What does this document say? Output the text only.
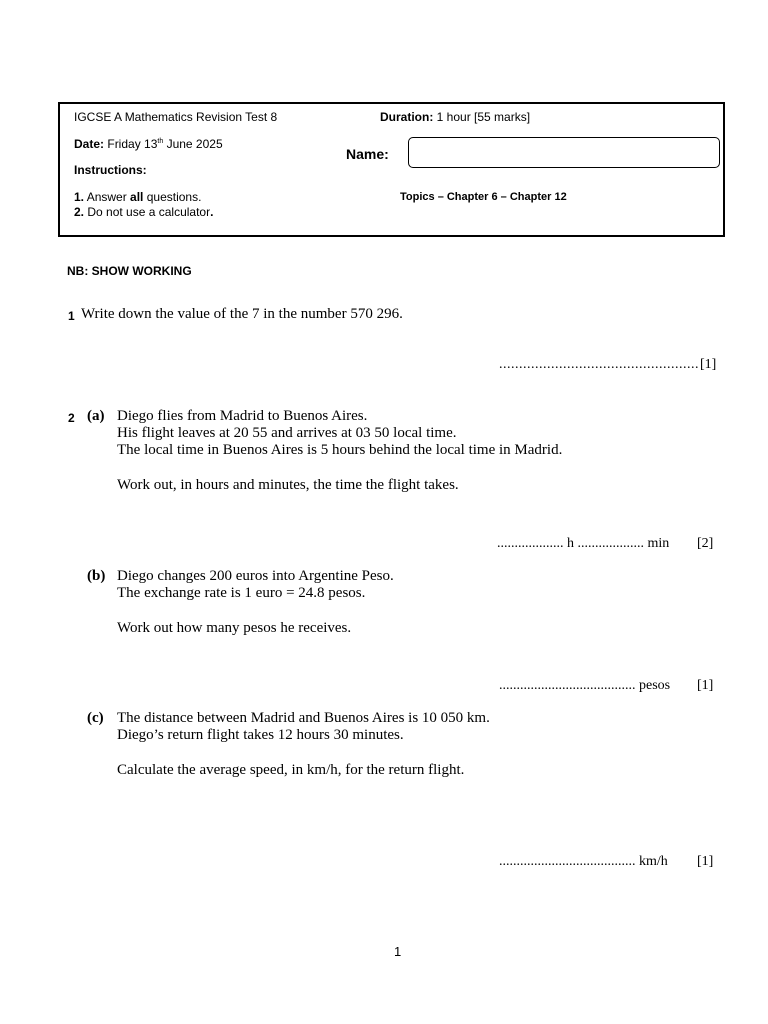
IGCSE A Mathematics Revision Test 8	Duration: 1 hour [55 marks]
Date: Friday 13th June 2025
Name:
Instructions:
1. Answer all questions.
2. Do not use a calculator.
Topics – Chapter 6 – Chapter 12
NB: SHOW WORKING
1 Write down the value of the 7 in the number 570 296.
.................................................. [1]
2 (a) Diego flies from Madrid to Buenos Aires.
His flight leaves at 20 55 and arrives at 03 50 local time.
The local time in Buenos Aires is 5 hours behind the local time in Madrid.
Work out, in hours and minutes, the time the flight takes.
................... h ................... min [2]
(b) Diego changes 200 euros into Argentine Peso.
The exchange rate is 1 euro = 24.8 pesos.
Work out how many pesos he receives.
....................................... pesos [1]
(c) The distance between Madrid and Buenos Aires is 10 050 km.
Diego’s return flight takes 12 hours 30 minutes.
Calculate the average speed, in km/h, for the return flight.
....................................... km/h [1]
1
